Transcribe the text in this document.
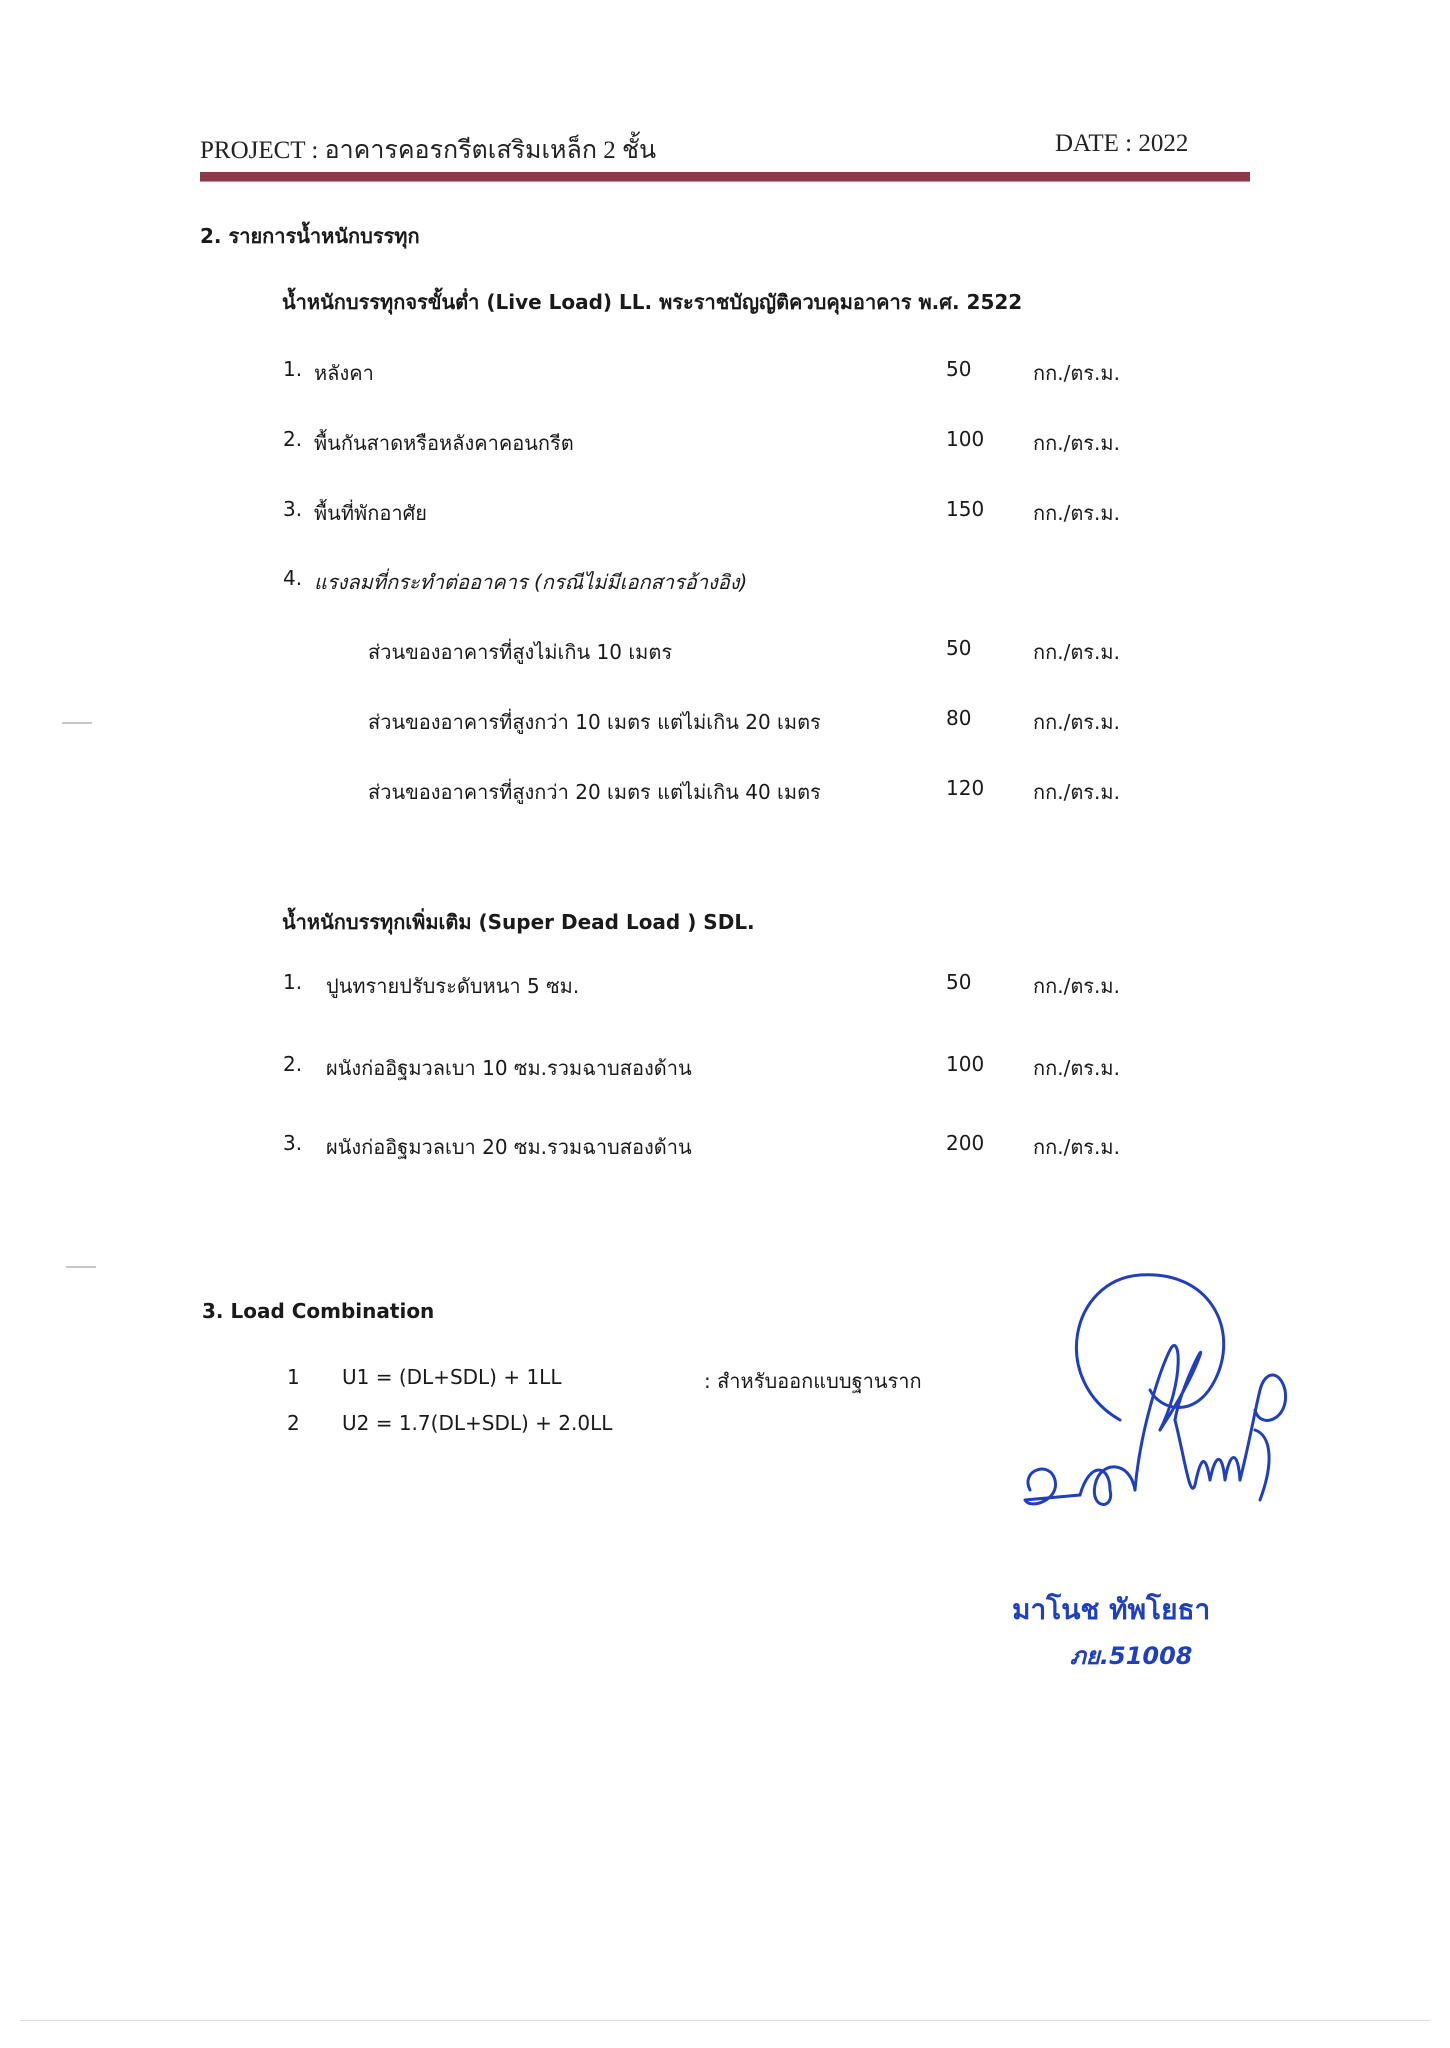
PROJECT : อาคารคอรกรีตเสริมเหล็ก 2 ชั้น	DATE : 2022
2. รายการน้ำหนักบรรทุก
น้ำหนักบรรทุกจรขั้นต่ำ (Live Load) LL. พระราชบัญญัติควบคุมอาคาร พ.ศ. 2522
1. หลังคา	50	กก./ตร.ม.
2. พื้นกันสาดหรือหลังคาคอนกรีต	100 กก./ตร.ม.
3. พื้นที่พักอาศัย	150 กก./ตร.ม.
4. แรงลมที่กระทำต่ออาคาร (กรณีไม่มีเอกสารอ้างอิง)
ส่วนของอาคารที่สูงไม่เกิน 10 เมตร	50	กก./ตร.ม.
ส่วนของอาคารที่สูงกว่า 10 เมตร แต่ไม่เกิน 20 เมตร	80	กก./ตร.ม.
ส่วนของอาคารที่สูงกว่า 20 เมตร แต่ไม่เกิน 40 เมตร	120 กก./ตร.ม.
น้ำหนักบรรทุกเพิ่มเติม (Super Dead Load ) SDL.
1. ปูนทรายปรับระดับหนา 5 ซม.	50	กก./ตร.ม.
2. ผนังก่ออิฐมวลเบา 10 ซม.รวมฉาบสองด้าน	100 กก./ตร.ม.
3. ผนังก่ออิฐมวลเบา 20 ซม.รวมฉาบสองด้าน	200 กก./ตร.ม.
3. Load Combination
1 U1 = (DL+SDL) + 1LL	: สำหรับออกแบบฐานราก
2 U2 = 1.7(DL+SDL) + 2.0LL
มาโนช ทัพโยธา
ภย.51008
